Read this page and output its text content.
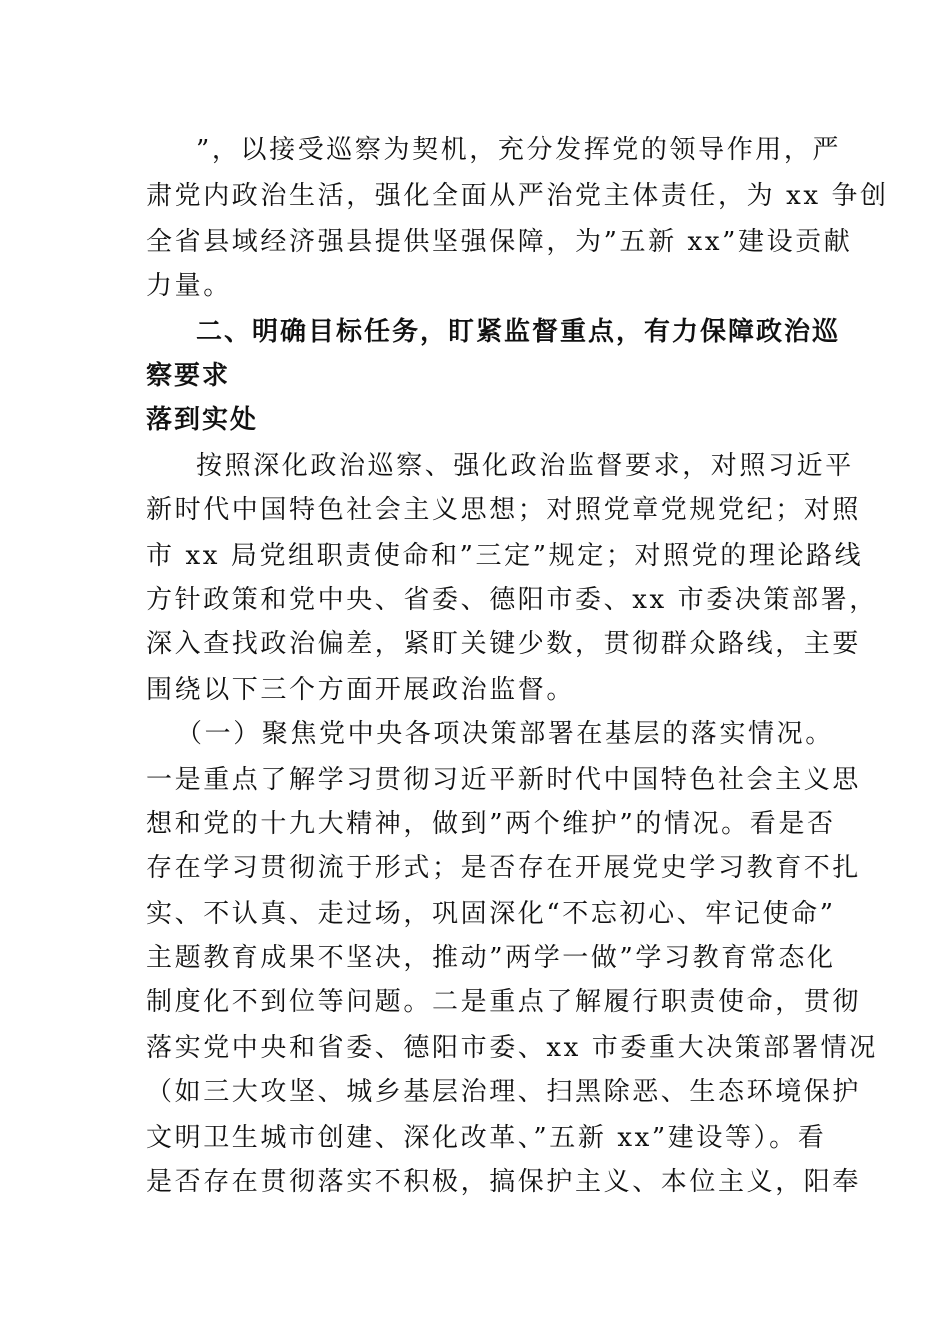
”，以接受巡察为契机，充分发挥党的领导作用，严

肃党内政治生活，强化全面从严治党主体责任，为 xx 争创

全省县域经济强县提供坚强保障，为”五新 xx”建设贡献

力量。

二、明确目标任务，盯紧监督重点，有力保障政治巡

察要求

落到实处

按照深化政治巡察、强化政治监督要求，对照习近平

新时代中国特色社会主义思想；对照党章党规党纪；对照

市 xx 局党组职责使命和”三定”规定；对照党的理论路线

方针政策和党中央、省委、德阳市委、xx 市委决策部署，

深入查找政治偏差，紧盯关键少数，贯彻群众路线，主要

围绕以下三个方面开展政治监督。

（一）聚焦党中央各项决策部署在基层的落实情况。

一是重点了解学习贯彻习近平新时代中国特色社会主义思

想和党的十九大精神，做到”两个维护”的情况。看是否

存在学习贯彻流于形式；是否存在开展党史学习教育不扎

实、不认真、走过场，巩固深化“不忘初心、牢记使命”

主题教育成果不坚决，推动”两学一做”学习教育常态化

制度化不到位等问题。二是重点了解履行职责使命，贯彻

落实党中央和省委、德阳市委、xx 市委重大决策部署情况

（如三大攻坚、城乡基层治理、扫黑除恶、生态环境保护

文明卫生城市创建、深化改革、”五新 xx”建设等）。看

是否存在贯彻落实不积极，搞保护主义、本位主义，阳奉
